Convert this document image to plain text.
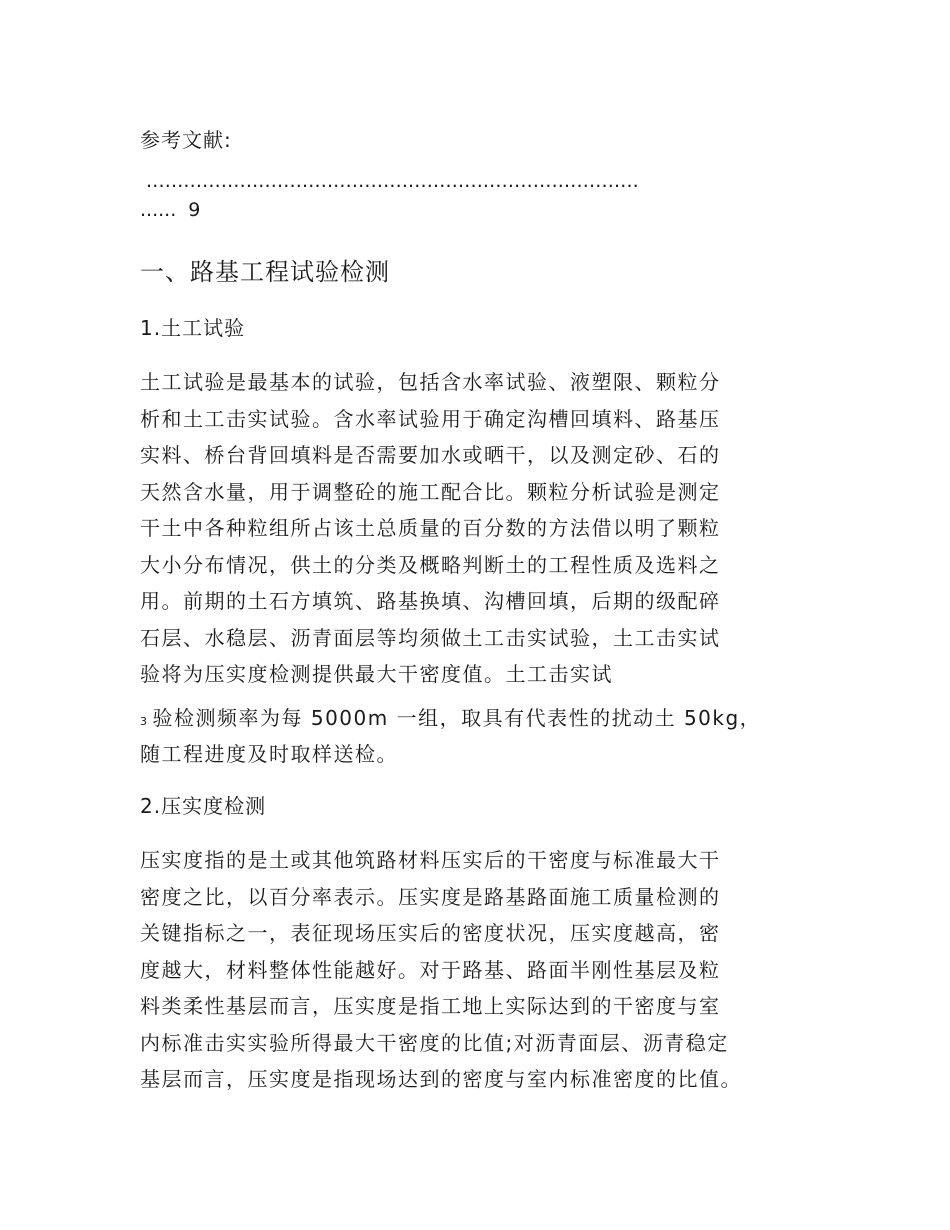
参考文献:
...............................................................................
...... 9
一、路基工程试验检测
1.土工试验
土工试验是最基本的试验，包括含水率试验、液塑限、颗粒分
析和土工击实试验。含水率试验用于确定沟槽回填料、路基压
实料、桥台背回填料是否需要加水或晒干，以及测定砂、石的
天然含水量，用于调整砼的施工配合比。颗粒分析试验是测定
干土中各种粒组所占该土总质量的百分数的方法借以明了颗粒
大小分布情况，供土的分类及概略判断土的工程性质及选料之
用。前期的土石方填筑、路基换填、沟槽回填，后期的级配碎
石层、水稳层、沥青面层等均须做土工击实试验，土工击实试
验将为压实度检测提供最大干密度值。土工击实试
3 验检测频率为每 5000m 一组，取具有代表性的扰动土 50kg，
随工程进度及时取样送检。
2.压实度检测
压实度指的是土或其他筑路材料压实后的干密度与标准最大干
密度之比，以百分率表示。压实度是路基路面施工质量检测的
关键指标之一，表征现场压实后的密度状况，压实度越高，密
度越大，材料整体性能越好。对于路基、路面半刚性基层及粒
料类柔性基层而言，压实度是指工地上实际达到的干密度与室
内标准击实实验所得最大干密度的比值;对沥青面层、沥青稳定
基层而言，压实度是指现场达到的密度与室内标准密度的比值。
